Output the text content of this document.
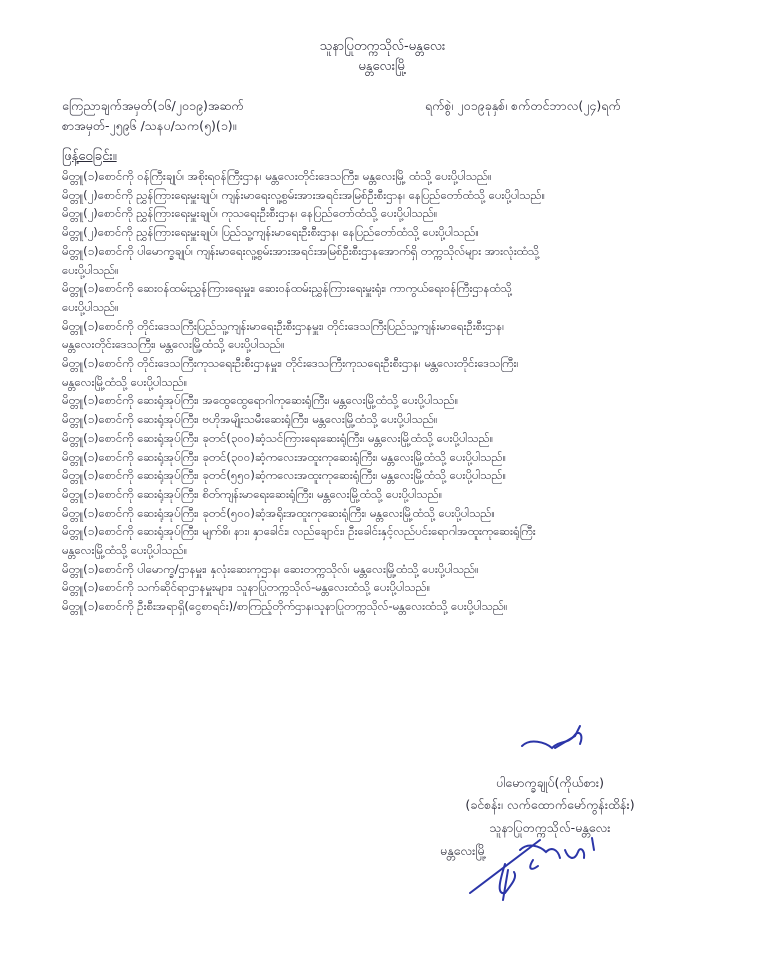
သူနာပြုတက္ကသိုလ်-မန္တလေး
မန္တလေးမြို့
ကြေညာချက်အမှတ်(၁၆/၂၀၁၉)အဆက်
စာအမှတ်-၂၅၉၆ /သနပ/သက(၅)(၁)။
ရက်စွဲ၊ ၂၀၁၉ခုနှစ်၊ စက်တင်ဘာလ(၂၄)ရက်
ဖြန့်ဝေခြင်း။
မိတ္တူ(၁)စောင်ကို ဝန်ကြီးချုပ်၊ အစိုးရဝန်ကြီးဌာန၊ မန္တလေးတိုင်းဒေသကြီး၊ မန္တလေးမြို့ ထံသို့ ပေးပို့ပါသည်။
မိတ္တူ(၂)စောင်ကို ညွှန်ကြားရေးမှူးချုပ်၊ ကျန်းမာရေးလူ့စွမ်းအားအရင်းအမြစ်ဦးစီးဌာန၊ နေပြည်တော်ထံသို့ ပေးပို့ပါသည်။
မိတ္တူ(၂)စောင်ကို ညွှန်ကြားရေးမှူးချုပ်၊ ကုသရေးဦးစီးဌာန၊ နေပြည်တော်ထံသို့ ပေးပို့ပါသည်။
မိတ္တူ(၂)စောင်ကို ညွှန်ကြားရေးမှူးချုပ်၊ ပြည်သူ့ကျန်းမာရေးဦးစီးဌာန၊ နေပြည်တော်ထံသို့ ပေးပို့ပါသည်။
မိတ္တူ(၁)စောင်ကို ပါမောက္ခချုပ်၊ ကျန်းမာရေးလူ့စွမ်းအားအရင်းအမြစ်ဦးစီးဌာနအောက်ရှိ တက္ကသိုလ်များ အားလုံးထံသို့
ပေးပို့ပါသည်။
မိတ္တူ(၁)စောင်ကို ဆေးဝန်ထမ်းညွှန်ကြားရေးမှူး၊ ဆေးဝန်ထမ်းညွှန်ကြားရေးမှူးရုံး၊ ကာကွယ်ရေးဝန်ကြီးဌာနထံသို့
ပေးပို့ပါသည်။
မိတ္တူ(၁)စောင်ကို တိုင်းဒေသကြီးပြည်သူ့ကျန်းမာရေးဦးစီးဌာနမှူး၊ တိုင်းဒေသကြီးပြည်သူ့ကျန်းမာရေးဦးစီးဌာန၊
မန္တလေးတိုင်းဒေသကြီး၊ မန္တလေးမြို့ထံသို့ ပေးပို့ပါသည်။
မိတ္တူ(၁)စောင်ကို တိုင်းဒေသကြီးကုသရေးဦးစီးဌာနမှူး၊ တိုင်းဒေသကြီးကုသရေးဦးစီးဌာန၊ မန္တလေးတိုင်းဒေသကြီး၊
မန္တလေးမြို့ထံသို့ ပေးပို့ပါသည်။
မိတ္တူ(၁)စောင်ကို ဆေးရုံအုပ်ကြီး၊ အထွေထွေရောဂါကုဆေးရုံကြီး၊ မန္တလေးမြို့ထံသို့ ပေးပို့ပါသည်။
မိတ္တူ(၁)စောင်ကို ဆေးရုံအုပ်ကြီး၊ ဗဟိုအမျိုးသမီးဆေးရုံကြီး၊ မန္တလေးမြို့ထံသို့ ပေးပို့ပါသည်။
မိတ္တူ(၁)စောင်ကို ဆေးရုံအုပ်ကြီး၊ ခုတင်(၃၀၀)ဆံ့သင်ကြားရေးဆေးရုံကြီး၊ မန္တလေးမြို့ထံသို့ ပေးပို့ပါသည်။
မိတ္တူ(၁)စောင်ကို ဆေးရုံအုပ်ကြီး၊ ခုတင်(၃၀၀)ဆံ့ကလေးအထူးကုဆေးရုံကြီး၊ မန္တလေးမြို့ထံသို့ ပေးပို့ပါသည်။
မိတ္တူ(၁)စောင်ကို ဆေးရုံအုပ်ကြီး၊ ခုတင်(၅၅၀)ဆံ့ကလေးအထူးကုဆေးရုံကြီး၊ မန္တလေးမြို့ထံသို့ ပေးပို့ပါသည်။
မိတ္တူ(၁)စောင်ကို ဆေးရုံအုပ်ကြီး၊ စိတ်ကျန်းမာရေးဆေးရုံကြီး၊ မန္တလေးမြို့ထံသို့ ပေးပို့ပါသည်။
မိတ္တူ(၁)စောင်ကို ဆေးရုံအုပ်ကြီး၊ ခုတင်(၅၀၀)ဆံ့အရိုးအထူးကုဆေးရုံကြီး၊ မန္တလေးမြို့ထံသို့ ပေးပို့ပါသည်။
မိတ္တူ(၁)စောင်ကို ဆေးရုံအုပ်ကြီး၊ မျက်စိ၊ နား၊ နှာခေါင်း၊ လည်ချောင်း၊ ဦးခေါင်းနှင့်လည်ပင်းရောဂါအထူးကုဆေးရုံကြီး
မန္တလေးမြို့ထံသို့ ပေးပို့ပါသည်။
မိတ္တူ(၁)စောင်ကို ပါမောက္ခ/ဌာနမှူး၊ နှလုံးဆေးကုဌာန၊ ဆေးတက္ကသိုလ်၊ မန္တလေးမြို့ထံသို့ ပေးပို့ပါသည်။
မိတ္တူ(၁)စောင်ကို သက်ဆိုင်ရာဌာနမှူးများ၊ သူနာပြုတက္ကသိုလ်-မန္တလေးထံသို့ ပေးပို့ပါသည်။
မိတ္တူ(၁)စောင်ကို ဦးစီးအရာရှိ(ငွေစာရင်း)/စာကြည့်တိုက်ဌာန၊သူနာပြုတက္ကသိုလ်-မန္တလေးထံသို့ ပေးပို့ပါသည်။
ပါမောက္ခချုပ်(ကိုယ်စား)
(ခင်စန်း၊ လက်ထောက်မော်ကွန်းထိန်း)
သူနာပြုတက္ကသိုလ်-မန္တလေး
မန္တလေးမြို့
